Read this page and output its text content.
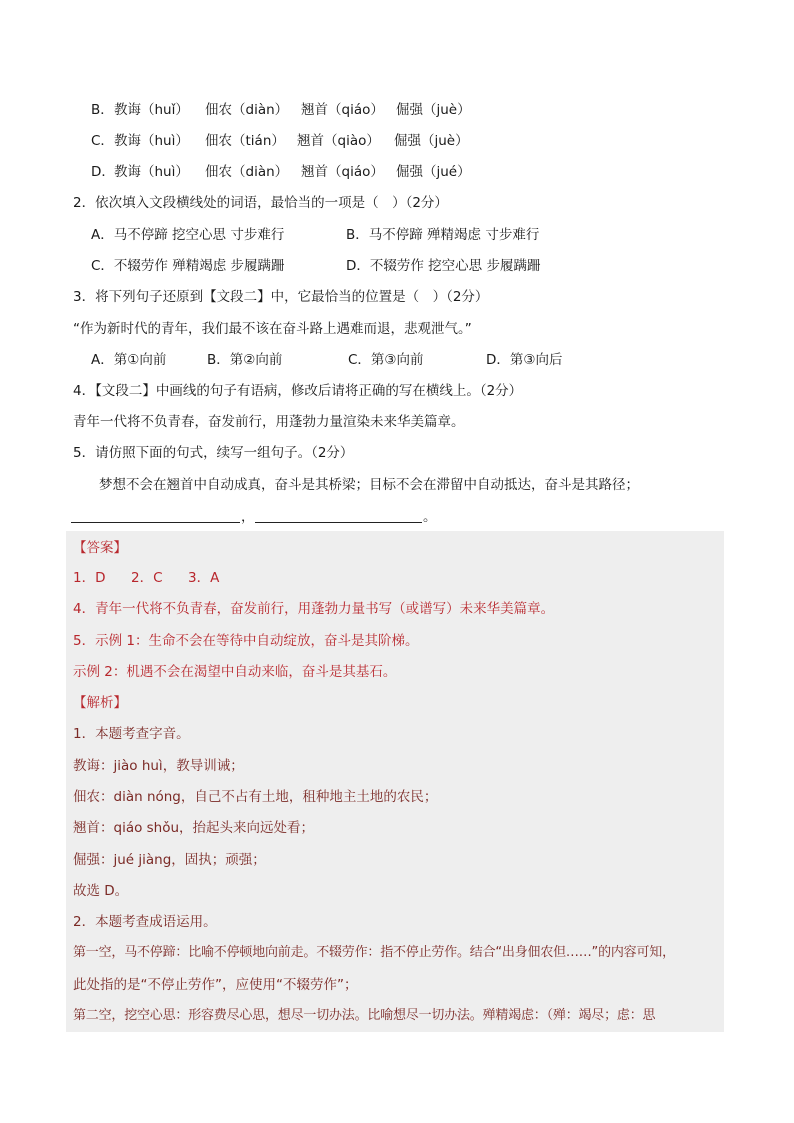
B． 教诲（huǐ） 佃农（diàn） 翘首（qiáo） 倔强（juè）
C． 教诲（huì） 佃农（tián） 翘首（qiào） 倔强（juè）
D． 教诲（huì） 佃农（diàn） 翘首（qiáo） 倔强（jué）
2．依次填入文段横线处的词语，最恰当的一项是（　）（2分）
A．马不停蹄 挖空心思 寸步难行	B．马不停蹄 殚精竭虑 寸步难行
C．不辍劳作 殚精竭虑 步履蹒跚	D．不辍劳作 挖空心思 步履蹒跚
3．将下列句子还原到【文段二】中，它最恰当的位置是（　）（2分）
“作为新时代的青年，我们最不该在奋斗路上遇难而退，悲观泄气。”
A．第①向前	B．第②向前	C．第③向前	D．第③向后
4．【文段二】中画线的句子有语病，修改后请将正确的写在横线上。（2分）
青年一代将不负青春，奋发前行，用蓬勃力量渲染未来华美篇章。
5．请仿照下面的句式，续写一组句子。（2分）
梦想不会在翘首中自动成真，奋斗是其桥梁；目标不会在滞留中自动抵达，奋斗是其路径；
，	。
【答案】
1．D 2．C 3．A
4．青年一代将不负青春，奋发前行，用蓬勃力量书写（或谱写）未来华美篇章。
5．示例 1：生命不会在等待中自动绽放，奋斗是其阶梯。
示例 2：机遇不会在渴望中自动来临，奋斗是其基石。
【解析】
1．本题考查字音。
教诲：jiào huì，教导训诫；
佃农：diàn nóng，自己不占有土地，租种地主土地的农民；
翘首：qiáo shǒu，抬起头来向远处看；
倔强：jué jiàng，固执；顽强；
故选 D。
2．本题考查成语运用。
第一空，马不停蹄：比喻不停顿地向前走。不辍劳作：指不停止劳作。结合“出身佃农但……”的内容可知，
此处指的是“不停止劳作”，应使用“不辍劳作”；
第二空，挖空心思：形容费尽心思，想尽一切办法。比喻想尽一切办法。殚精竭虑：（殚：竭尽；虑：思
